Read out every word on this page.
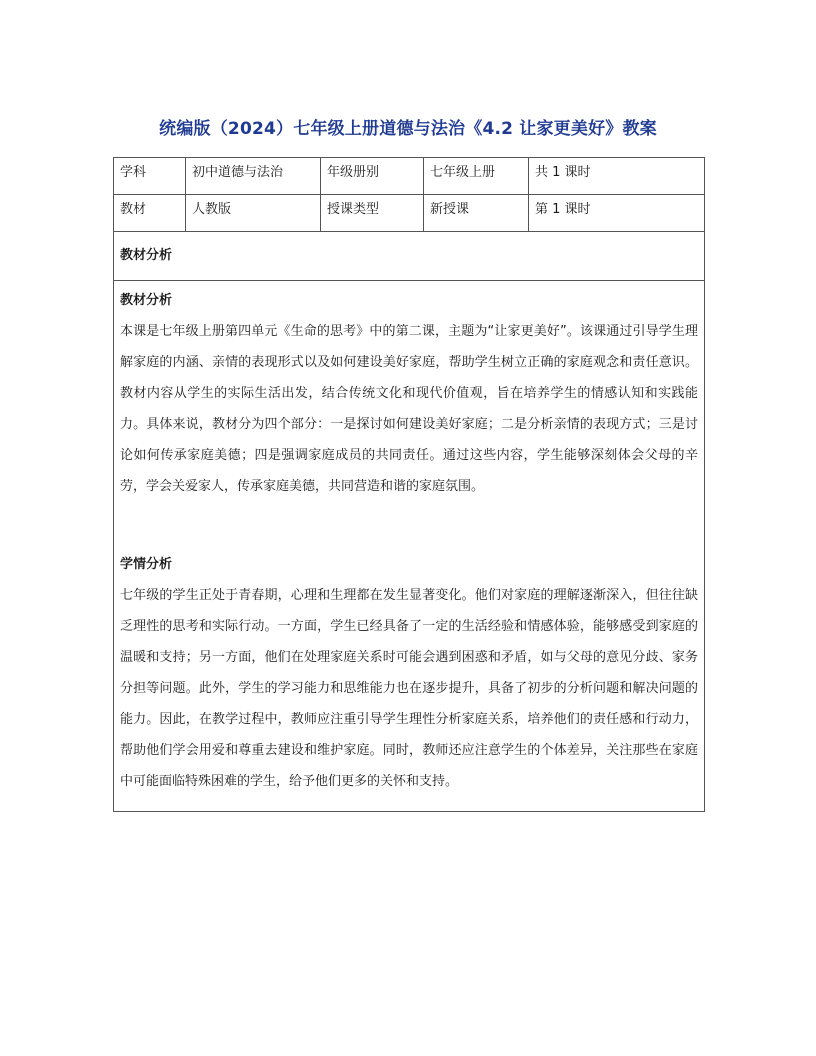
统编版（2024）七年级上册道德与法治《4.2 让家更美好》教案
学科	初中道德与法治	年级册别	七年级上册	共 1 课时
教材	人教版	授课类型	新授课	第 1 课时
教材分析				

教材分析

本课是七年级上册第四单元《生命的思考》中的第二课，主题为“让家更美好”。该课通过引导学生理解家庭的内涵、亲情的表现形式以及如何建设美好家庭，帮助学生树立正确的家庭观念和责任意识。教材内容从学生的实际生活出发，结合传统文化和现代价值观，旨在培养学生的情感认知和实践能力。具体来说，教材分为四个部分：一是探讨如何建设美好家庭；二是分析亲情的表现方式；三是讨论如何传承家庭美德；四是强调家庭成员的共同责任。通过这些内容，学生能够深刻体会父母的辛劳，学会关爱家人，传承家庭美德，共同营造和谐的家庭氛围。

学情分析

七年级的学生正处于青春期，心理和生理都在发生显著变化。他们对家庭的理解逐渐深入，但往往缺乏理性的思考和实际行动。一方面，学生已经具备了一定的生活经验和情感体验，能够感受到家庭的温暖和支持；另一方面，他们在处理家庭关系时可能会遇到困惑和矛盾，如与父母的意见分歧、家务分担等问题。此外，学生的学习能力和思维能力也在逐步提升，具备了初步的分析问题和解决问题的能力。因此，在教学过程中，教师应注重引导学生理性分析家庭关系，培养他们的责任感和行动力，帮助他们学会用爱和尊重去建设和维护家庭。同时，教师还应注意学生的个体差异，关注那些在家庭中可能面临特殊困难的学生，给予他们更多的关怀和支持。				
